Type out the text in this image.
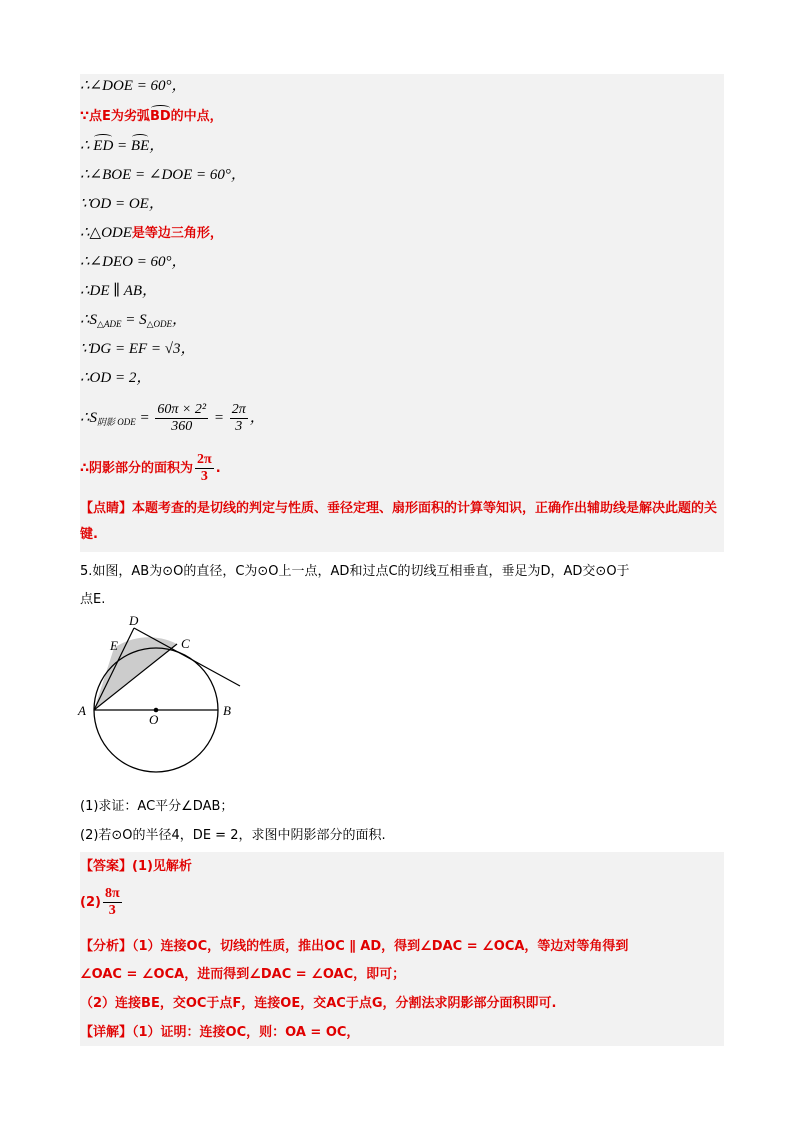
∴∠DOE = 60°，
∵点E为劣弧BD的中点，
∴ ED = BE，
∴∠BOE = ∠DOE = 60°，
∵OD = OE，
∴△ODE是等边三角形，
∴∠DEO = 60°，
∴DE ∥ AB，
$\therefore S_{\triangle ADE} = S_{\triangle ODE}$，
∵DG = EF = √3，
∴OD = 2，
$\therefore S_{阴影 ODE} = \frac{\text{60π × 2²}}{360} = \frac{2\pi}{3}$ ，
∴阴影部分的面积为 $\frac{2\pi}{3}$ .
【点睛】本题考查的是切线的判定与性质、垂径定理、扇形面积的计算等知识，正确作出辅助线是解决此题的关键.
5.如图，AB为⊙O的直径，C为⊙O上一点，AD和过点C的切线互相垂直，垂足为D，AD交⊙O于
点E.
D
E	C
A
O
B
(1)求证：AC平分∠DAB；
(2)若⊙O的半径4，DE = 2，求图中阴影部分的面积.
【答案】(1)见解析
$(2) \frac{8\pi}{3}$
【分析】（1）连接OC，切线的性质，推出OC ∥ AD，得到∠DAC = ∠OCA，等边对等角得到
∠OAC = ∠OCA，进而得到∠DAC = ∠OAC，即可；
（2）连接BE，交OC于点F，连接OE，交AC于点G，分割法求阴影部分面积即可.
【详解】（1）证明：连接OC，则：OA = OC，
